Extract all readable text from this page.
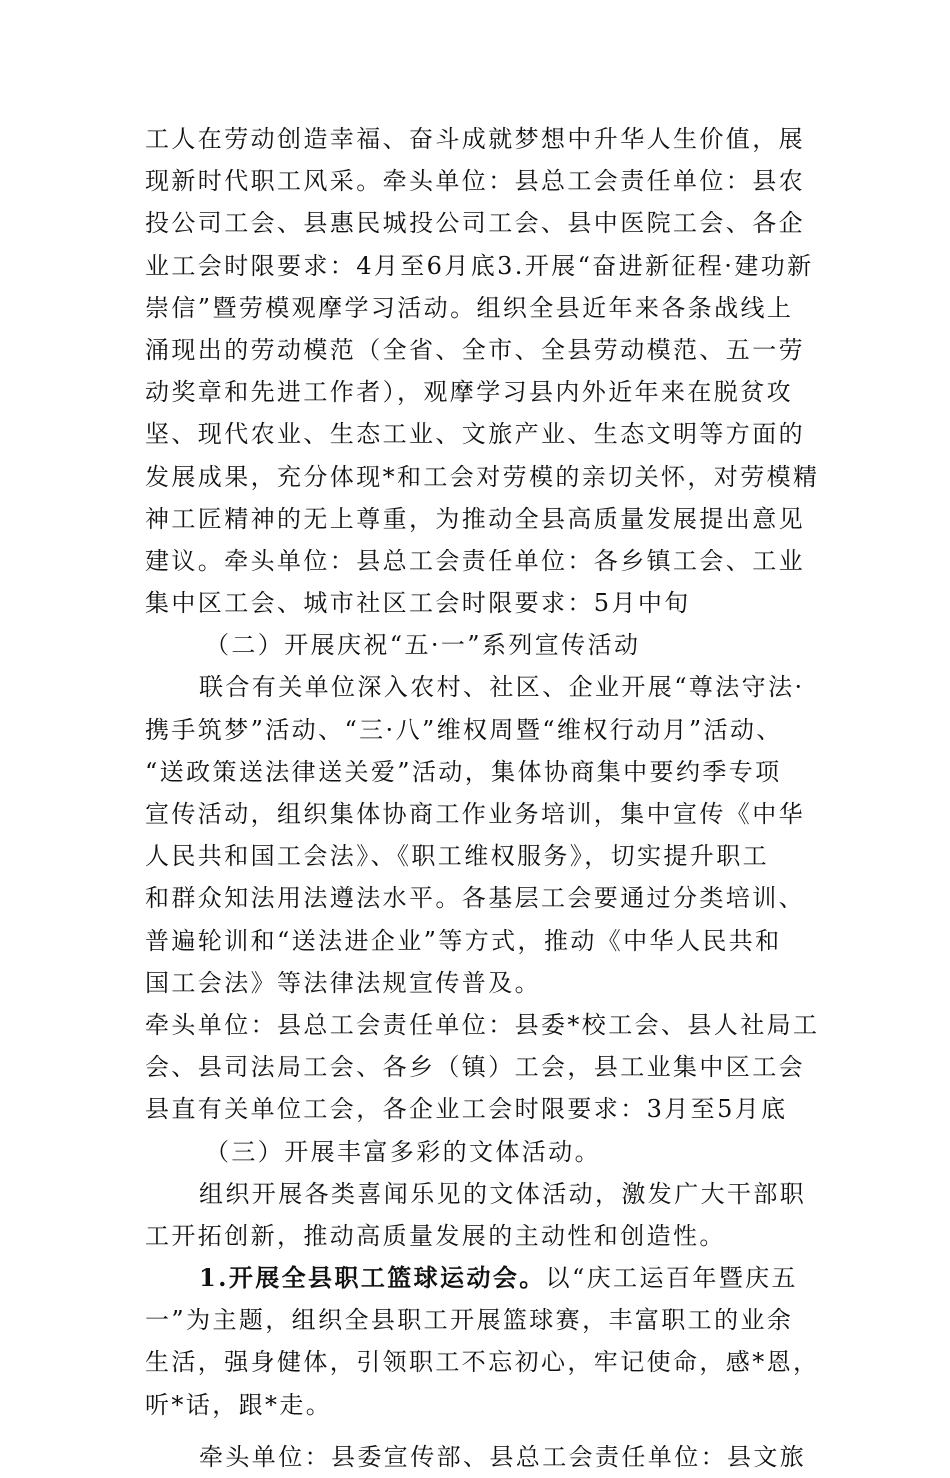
工人在劳动创造幸福、奋斗成就梦想中升华人生价值，展
现新时代职工风采。牵头单位：县总工会责任单位：县农
投公司工会、县惠民城投公司工会、县中医院工会、各企
业工会时限要求：4月至6月底3.开展“奋进新征程·建功新
崇信”暨劳模观摩学习活动。组织全县近年来各条战线上
涌现出的劳动模范（全省、全市、全县劳动模范、五一劳
动奖章和先进工作者），观摩学习县内外近年来在脱贫攻
坚、现代农业、生态工业、文旅产业、生态文明等方面的
发展成果，充分体现*和工会对劳模的亲切关怀，对劳模精
神工匠精神的无上尊重，为推动全县高质量发展提出意见
建议。牵头单位：县总工会责任单位：各乡镇工会、工业
集中区工会、城市社区工会时限要求：5月中旬
（二）开展庆祝“五·一”系列宣传活动
联合有关单位深入农村、社区、企业开展“尊法守法·
携手筑梦”活动、“三·八”维权周暨“维权行动月”活动、
“送政策送法律送关爱”活动，集体协商集中要约季专项
宣传活动，组织集体协商工作业务培训，集中宣传《中华
人民共和国工会法》、《职工维权服务》，切实提升职工
和群众知法用法遵法水平。各基层工会要通过分类培训、
普遍轮训和“送法进企业”等方式，推动《中华人民共和
国工会法》等法律法规宣传普及。
牵头单位：县总工会责任单位：县委*校工会、县人社局工
会、县司法局工会、各乡（镇）工会，县工业集中区工会
县直有关单位工会，各企业工会时限要求：3月至5月底
（三）开展丰富多彩的文体活动。
组织开展各类喜闻乐见的文体活动，激发广大干部职
工开拓创新，推动高质量发展的主动性和创造性。
1.开展全县职工篮球运动会。以“庆工运百年暨庆五
一”为主题，组织全县职工开展篮球赛，丰富职工的业余
生活，强身健体，引领职工不忘初心，牢记使命，感*恩，
听*话，跟*走。
牵头单位：县委宣传部、县总工会责任单位：县文旅
